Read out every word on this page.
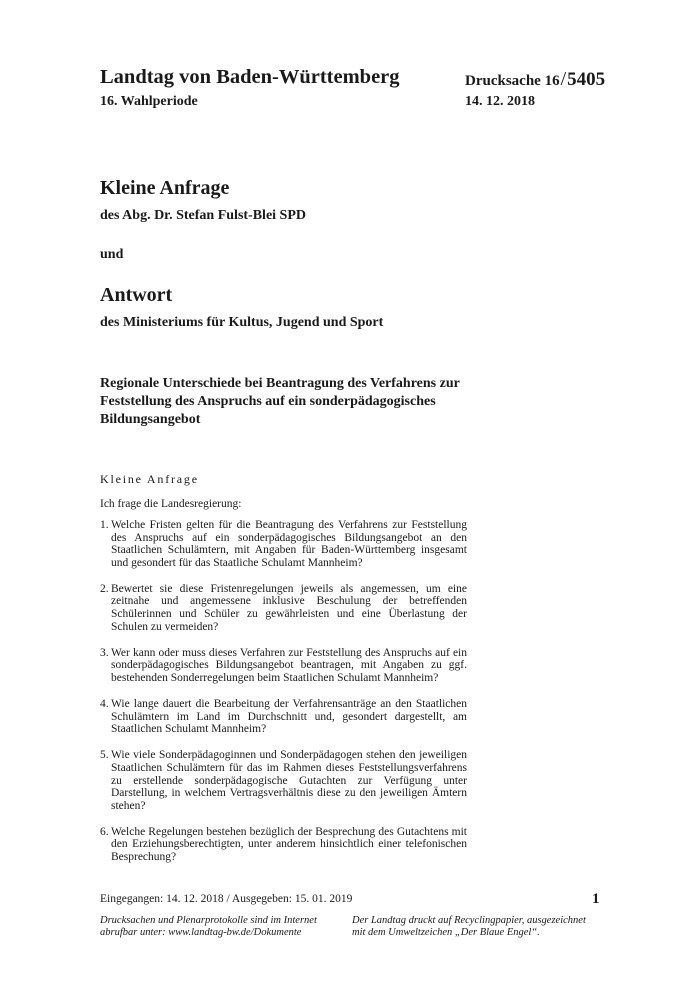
Landtag von Baden-Württemberg
16. Wahlperiode
Drucksache 16/5405
14. 12. 2018
Kleine Anfrage
des Abg. Dr. Stefan Fulst-Blei SPD
und
Antwort
des Ministeriums für Kultus, Jugend und Sport
Regionale Unterschiede bei Beantragung des Verfahrens zur Feststellung des Anspruchs auf ein sonderpädagogisches Bildungsangebot
Kleine Anfrage
Ich frage die Landesregierung:
1. Welche Fristen gelten für die Beantragung des Verfahrens zur Feststellung des Anspruchs auf ein sonderpädagogisches Bildungsangebot an den Staatlichen Schulämtern, mit Angaben für Baden-Württemberg insgesamt und gesondert für das Staatliche Schulamt Mannheim?
2. Bewertet sie diese Fristenregelungen jeweils als angemessen, um eine zeitnahe und angemessene inklusive Beschulung der betreffenden Schülerinnen und Schüler zu gewährleisten und eine Überlastung der Schulen zu vermeiden?
3. Wer kann oder muss dieses Verfahren zur Feststellung des Anspruchs auf ein sonderpädagogisches Bildungsangebot beantragen, mit Angaben zu ggf. bestehenden Sonderregelungen beim Staatlichen Schulamt Mannheim?
4. Wie lange dauert die Bearbeitung der Verfahrensanträge an den Staatlichen Schulämtern im Land im Durchschnitt und, gesondert dargestellt, am Staatlichen Schulamt Mannheim?
5. Wie viele Sonderpädagoginnen und Sonderpädagogen stehen den jeweiligen Staatlichen Schulämtern für das im Rahmen dieses Feststellungsverfahrens zu erstellende sonderpädagogische Gutachten zur Verfügung unter Darstellung, in welchem Vertragsverhältnis diese zu den jeweiligen Ämtern stehen?
6. Welche Regelungen bestehen bezüglich der Besprechung des Gutachtens mit den Erziehungsberechtigten, unter anderem hinsichtlich einer telefonischen Besprechung?
Eingegangen: 14. 12. 2018 / Ausgegeben: 15. 01. 2019	1
Drucksachen und Plenarprotokolle sind im Internet abrufbar unter: www.landtag-bw.de/Dokumente
Der Landtag druckt auf Recyclingpapier, ausgezeichnet mit dem Umweltzeichen „Der Blaue Engel“.
